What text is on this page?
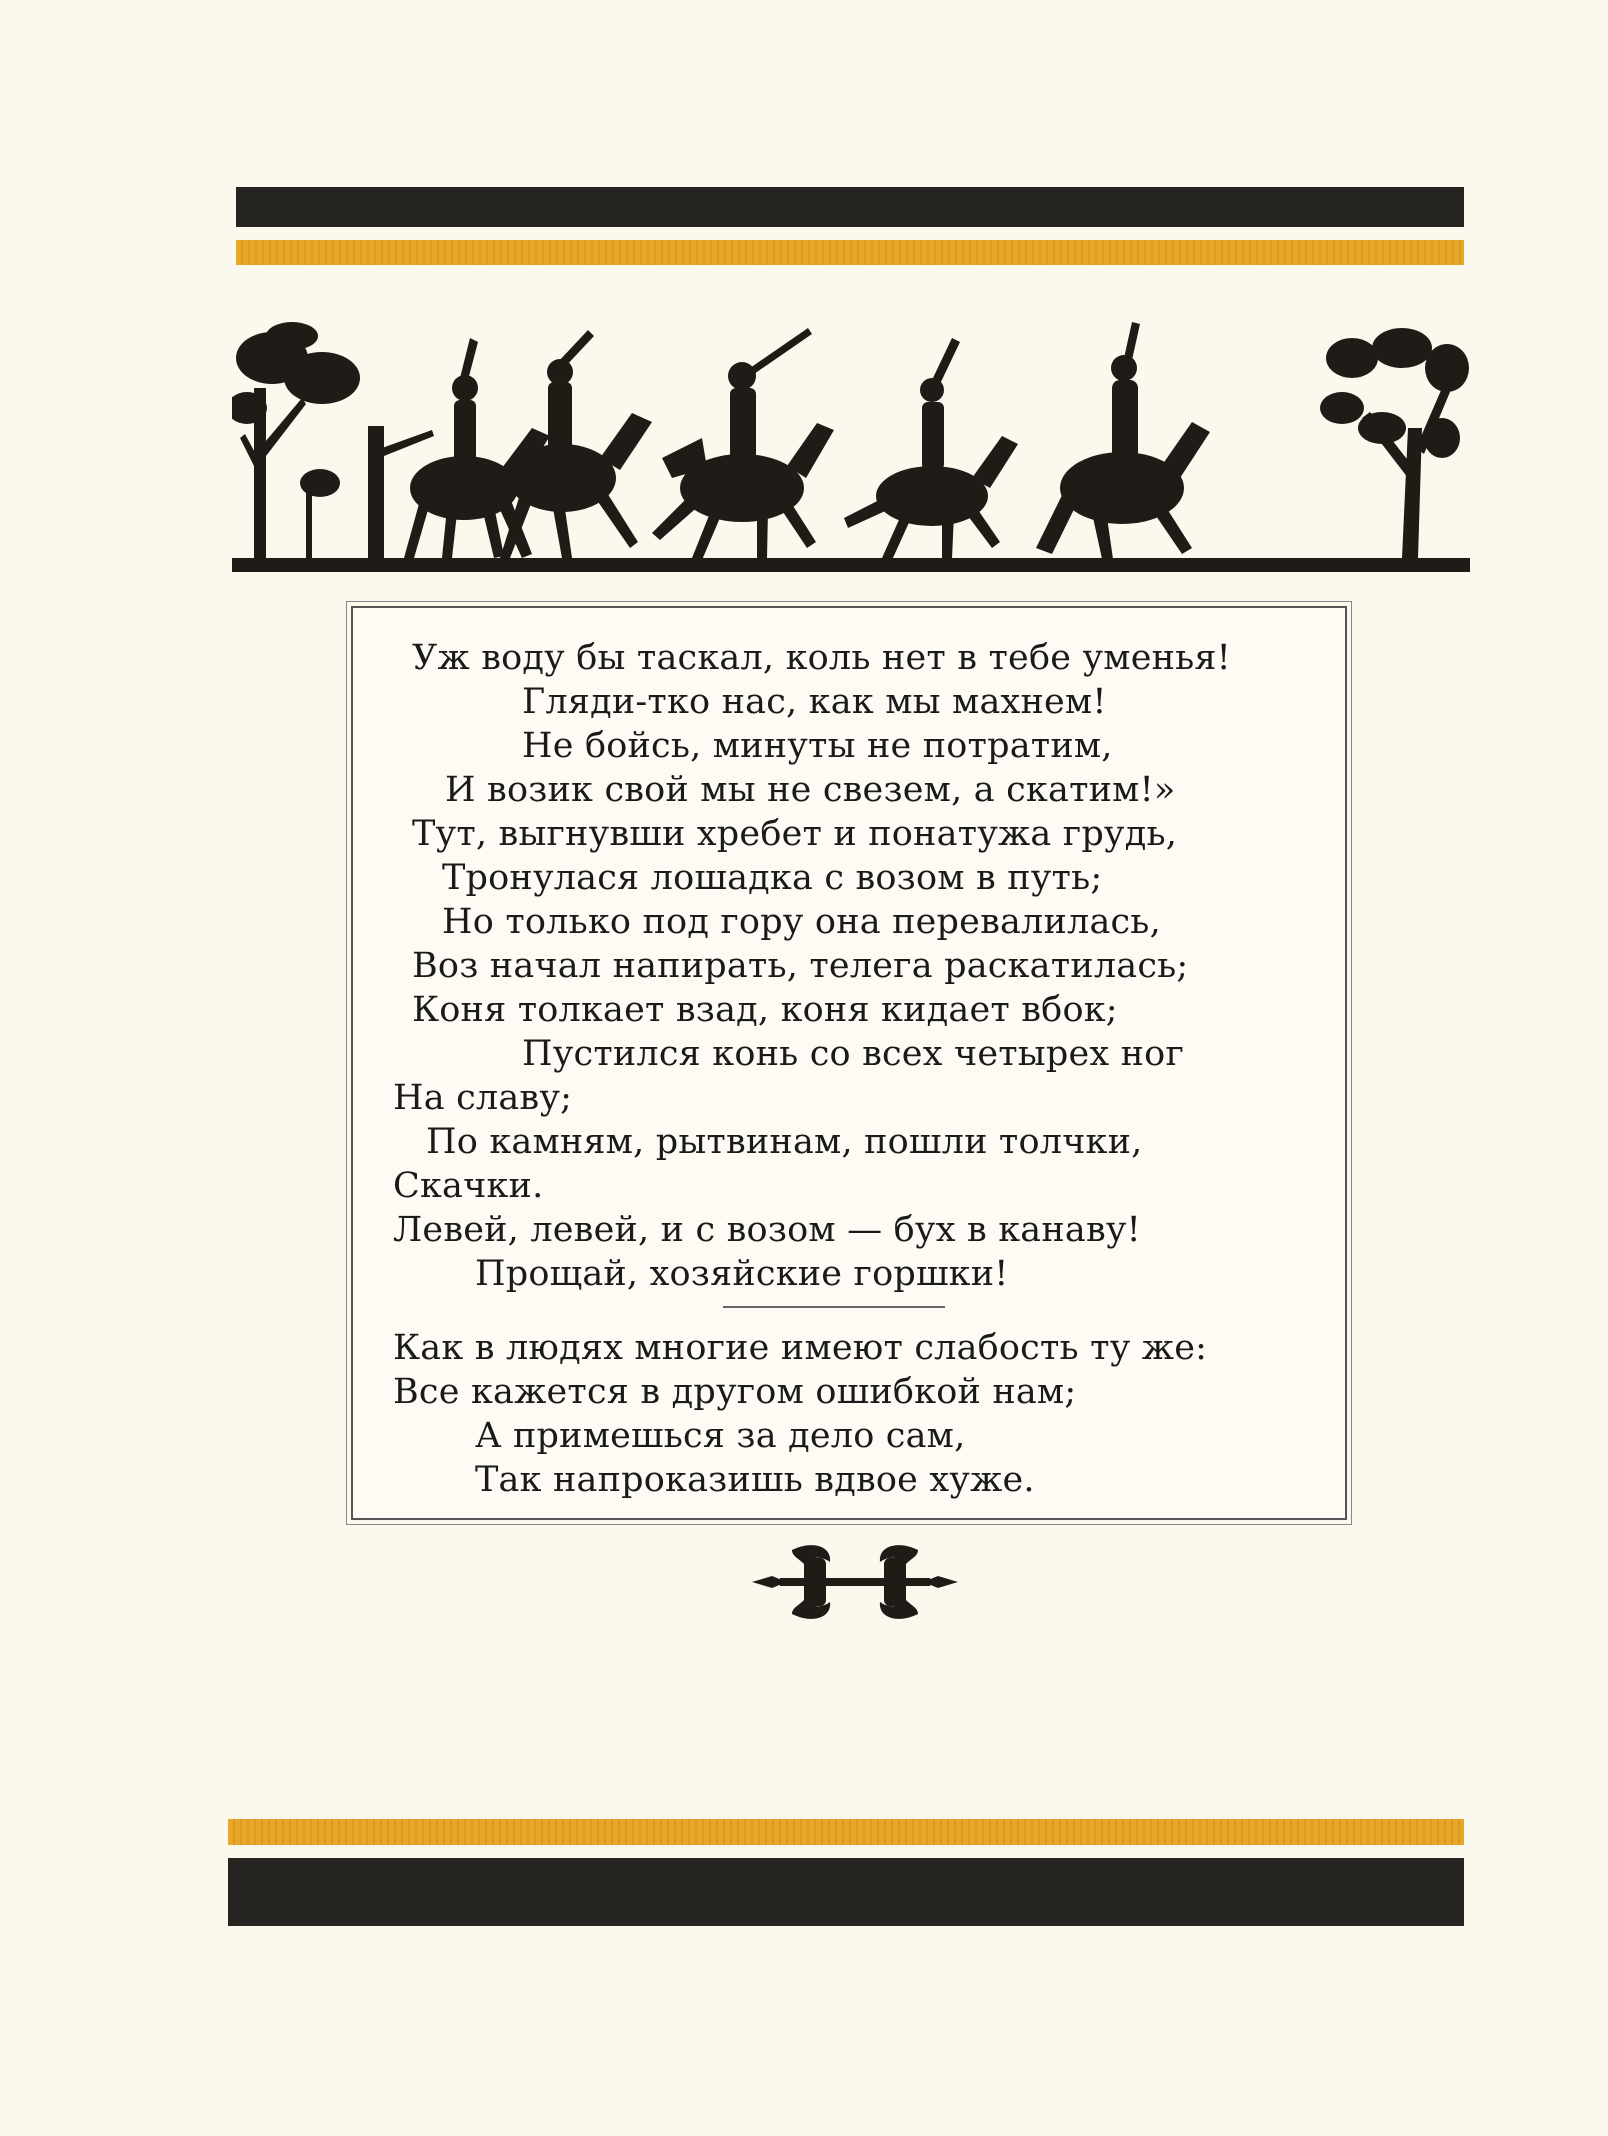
ГМ
Уж воду бы таскал, коль нет в тебе уменья!
Гляди-тко нас, как мы махнем!
Не бойсь, минуты не потратим,
И возик свой мы не свезем, а скатим!»
Тут, выгнувши хребет и понатужа грудь,
Тронулася лошадка с возом в путь;
Но только под гору она перевалилась,
Воз начал напирать, телега раскатилась;
Коня толкает взад, коня кидает вбок;
Пустился конь со всех четырех ног
На славу;
По камням, рытвинам, пошли толчки,
Скачки.
Левей, левей, и с возом — бух в канаву!
Прощай, хозяйские горшки!
Как в людях многие имеют слабость ту же:
Все кажется в другом ошибкой нам;
А примешься за дело сам,
Так напроказишь вдвое хуже.
